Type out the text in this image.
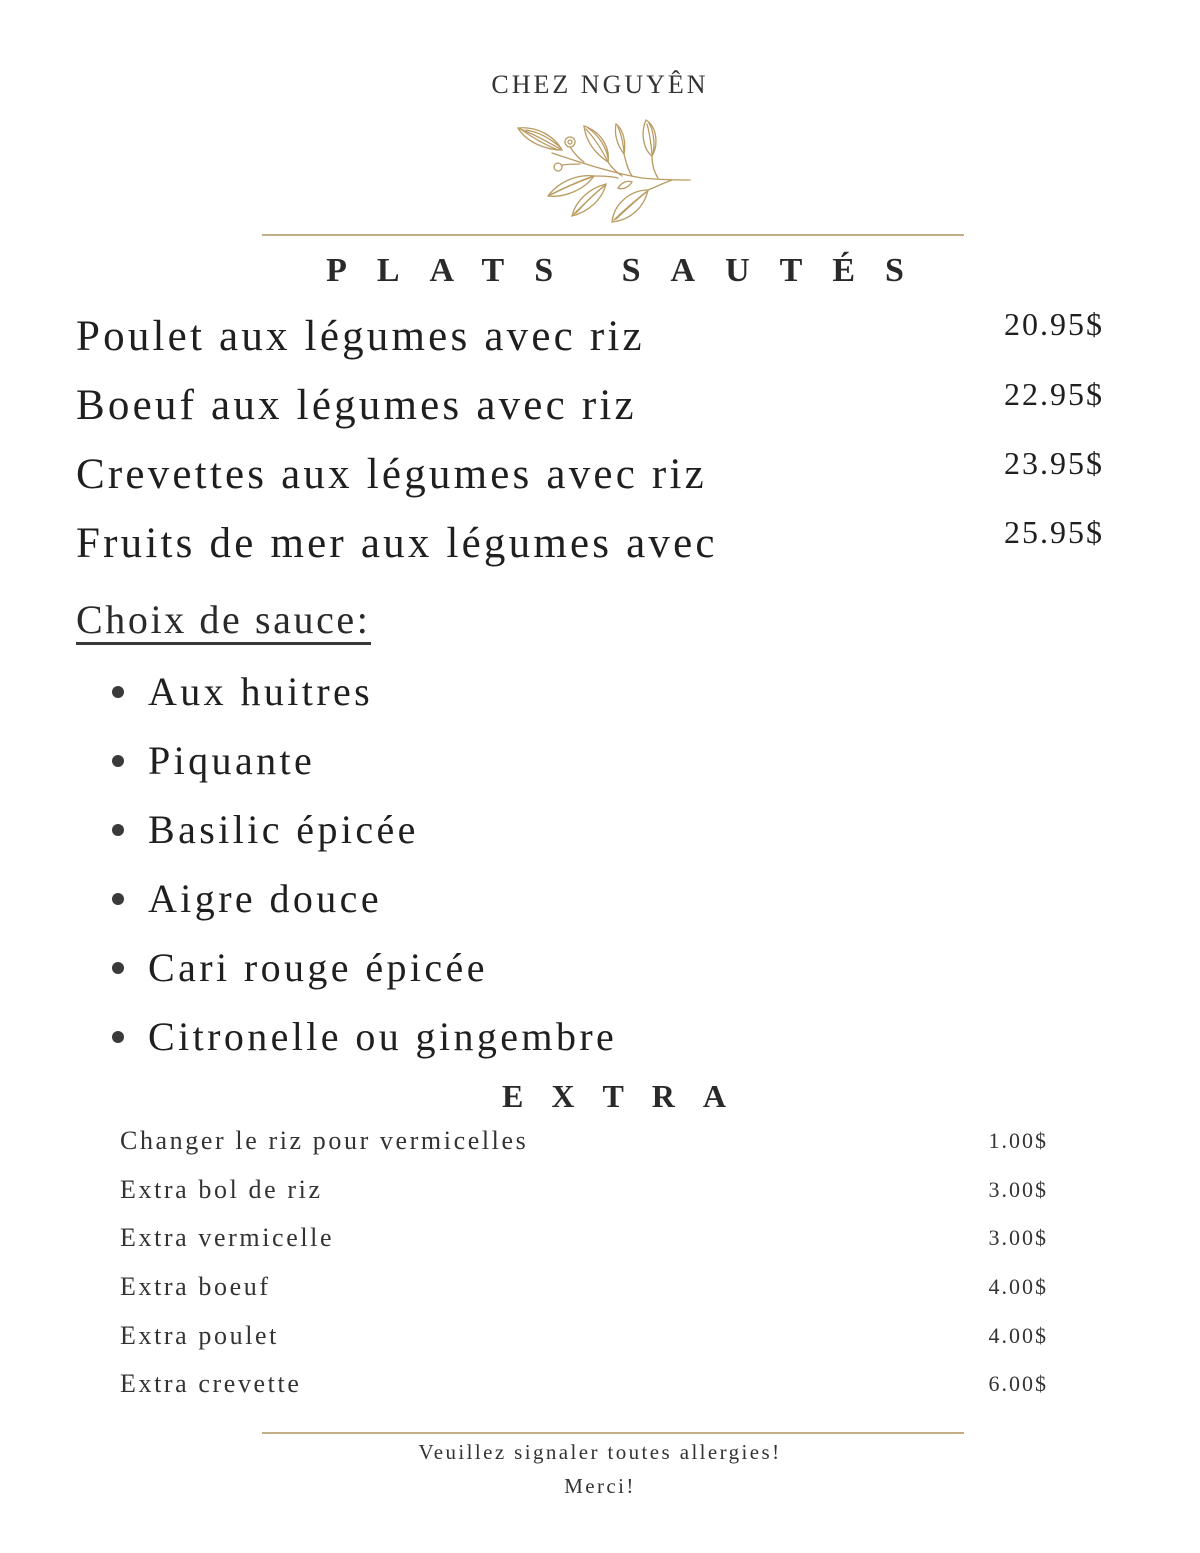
CHEZ NGUYÊN
PLATS SAUTÉS
Poulet aux légumes avec riz	20.95$
Boeuf aux légumes avec riz	22.95$
Crevettes aux légumes avec riz	23.95$
Fruits de mer aux légumes avec	25.95$
Choix de sauce:
Aux huitres
Piquante
Basilic épicée
Aigre douce
Cari rouge épicée
Citronelle ou gingembre
EXTRA
Changer le riz pour vermicelles	1.00$
Extra bol de riz	3.00$
Extra vermicelle	3.00$
Extra boeuf	4.00$
Extra poulet	4.00$
Extra crevette	6.00$
Veuillez signaler toutes allergies!
Merci!
